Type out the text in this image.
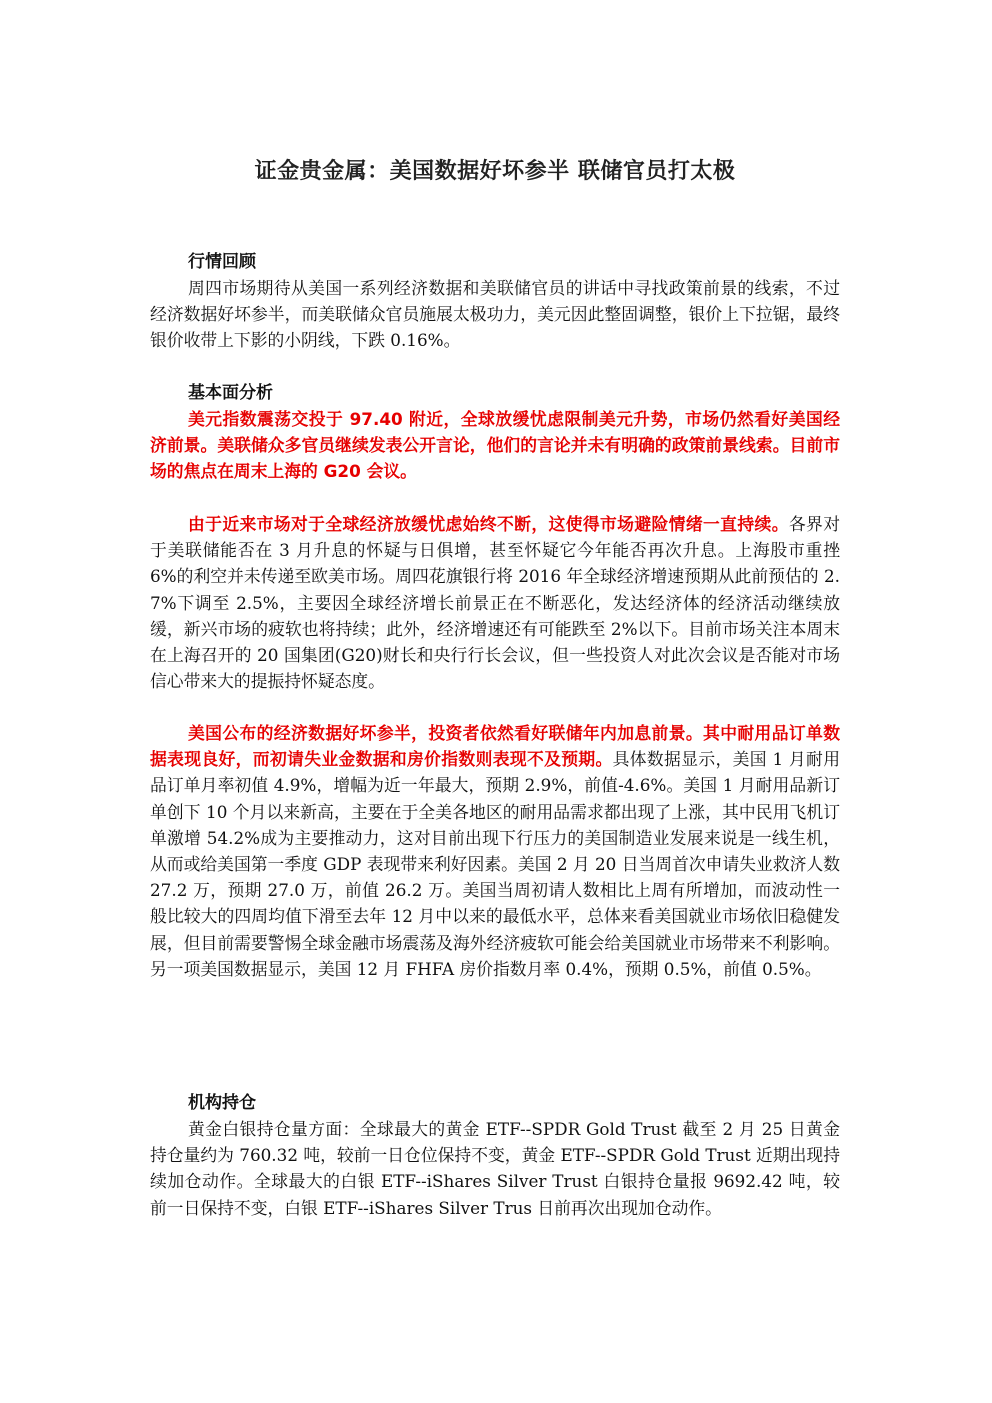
证金贵金属：美国数据好坏参半 联储官员打太极
行情回顾

周四市场期待从美国一系列经济数据和美联储官员的讲话中寻找政策前景的线索，不过经济数据好坏参半，而美联储众官员施展太极功力，美元因此整固调整，银价上下拉锯，最终银价收带上下影的小阴线，下跌 0.16%。

基本面分析

美元指数震荡交投于 97.40 附近，全球放缓忧虑限制美元升势，市场仍然看好美国经济前景。美联储众多官员继续发表公开言论，他们的言论并未有明确的政策前景线索。目前市场的焦点在周末上海的 G20 会议。

由于近来市场对于全球经济放缓忧虑始终不断，这使得市场避险情绪一直持续。各界对于美联储能否在 3 月升息的怀疑与日俱增，甚至怀疑它今年能否再次升息。上海股市重挫 6%的利空并未传递至欧美市场。周四花旗银行将 2016 年全球经济增速预期从此前预估的 2.7%下调至 2.5%，主要因全球经济增长前景正在不断恶化，发达经济体的经济活动继续放缓，新兴市场的疲软也将持续；此外，经济增速还有可能跌至 2%以下。目前市场关注本周末在上海召开的 20 国集团(G20)财长和央行行长会议，但一些投资人对此次会议是否能对市场信心带来大的提振持怀疑态度。

美国公布的经济数据好坏参半，投资者依然看好联储年内加息前景。其中耐用品订单数据表现良好，而初请失业金数据和房价指数则表现不及预期。具体数据显示，美国 1 月耐用品订单月率初值 4.9%，增幅为近一年最大，预期 2.9%，前值-4.6%。美国 1 月耐用品新订单创下 10 个月以来新高，主要在于全美各地区的耐用品需求都出现了上涨，其中民用飞机订单激增 54.2%成为主要推动力，这对目前出现下行压力的美国制造业发展来说是一线生机，从而或给美国第一季度 GDP 表现带来利好因素。美国 2 月 20 日当周首次申请失业救济人数 27.2 万，预期 27.0 万，前值 26.2 万。美国当周初请人数相比上周有所增加，而波动性一般比较大的四周均值下滑至去年 12 月中以来的最低水平，总体来看美国就业市场依旧稳健发展，但目前需要警惕全球金融市场震荡及海外经济疲软可能会给美国就业市场带来不利影响。另一项美国数据显示，美国 12 月 FHFA 房价指数月率 0.4%，预期 0.5%，前值 0.5%。

机构持仓

黄金白银持仓量方面：全球最大的黄金 ETF--SPDR Gold Trust 截至 2 月 25 日黄金持仓量约为 760.32 吨，较前一日仓位保持不变，黄金 ETF--SPDR Gold Trust 近期出现持续加仓动作。全球最大的白银 ETF--iShares Silver Trust 白银持仓量报 9692.42 吨，较前一日保持不变，白银 ETF--iShares Silver Trus 日前再次出现加仓动作。
